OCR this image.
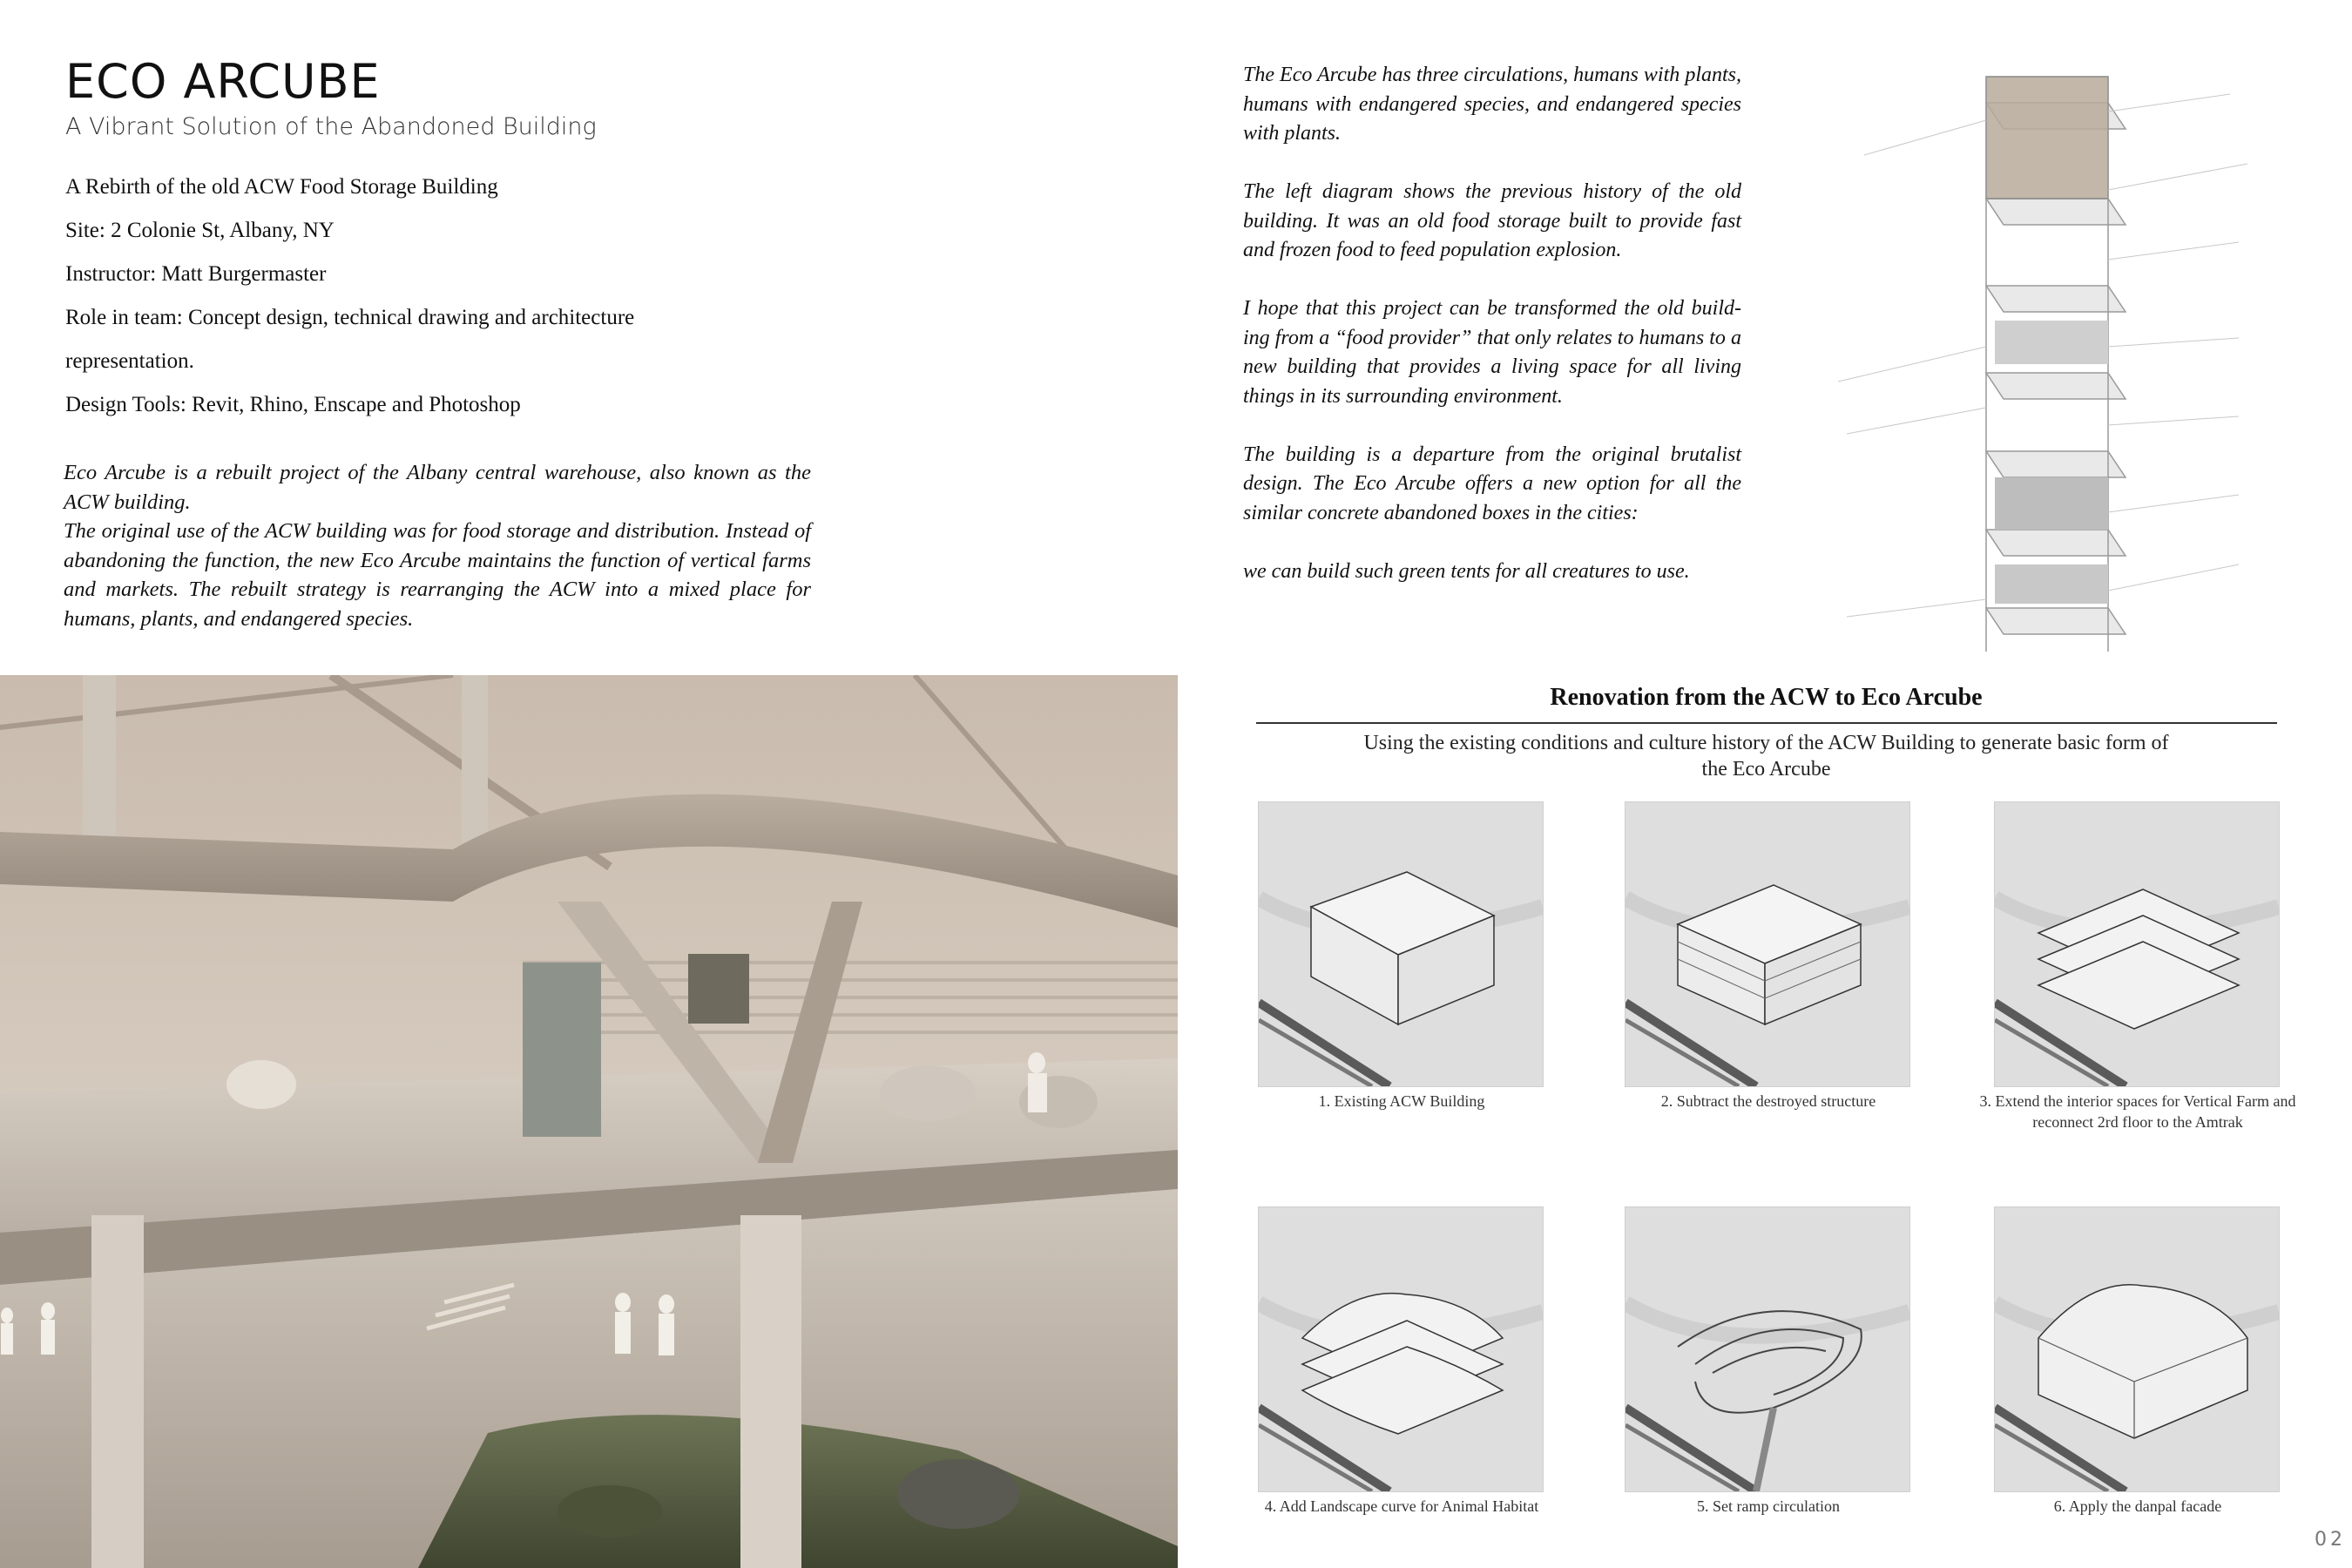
ECO ARCUBE
A Vibrant Solution of the Abandoned Building
A Rebirth of the old ACW Food Storage Building
Site: 2 Colonie St, Albany, NY
Instructor: Matt Burgermaster
Role in team: Concept design, technical drawing and architecture
representation.
Design Tools: Revit, Rhino, Enscape and Photoshop

Eco Arcube is a rebuilt project of the Albany central warehouse, also known as the ACW building.

The original use of the ACW building was for food storage and distribution. Instead of abandoning the function, the new Eco Arcube maintains the function of vertical farms and markets. The rebuilt strategy is rearranging the ACW into a mixed place for humans, plants, and endangered species.

The Eco Arcube has three circulations, humans with plants, humans with endangered species, and endangered species with plants.

The left diagram shows the previous history of the old building. It was an old food storage built to provide fast and frozen food to feed population explosion.

I hope that this project can be transformed the old build-ing from a “food provider” that only relates to humans to a new building that provides a living space for all living things in its surrounding environment.

The building is a departure from the original brutalist design. The Eco Arcube offers a new option for all the similar concrete abandoned boxes in the cities:

we can build such green tents for all creatures to use.

Renovation from the ACW to Eco Arcube
Using the existing conditions and culture history of the ACW Building to generate basic form of the Eco Arcube
1. Existing ACW Building	2. Subtract the destroyed structure	3. Extend the interior spaces for Vertical Farm and reconnect 2rd floor to the Amtrak
4. Add Landscape curve for Animal Habitat	5. Set ramp circulation	6. Apply the danpal facade
02
